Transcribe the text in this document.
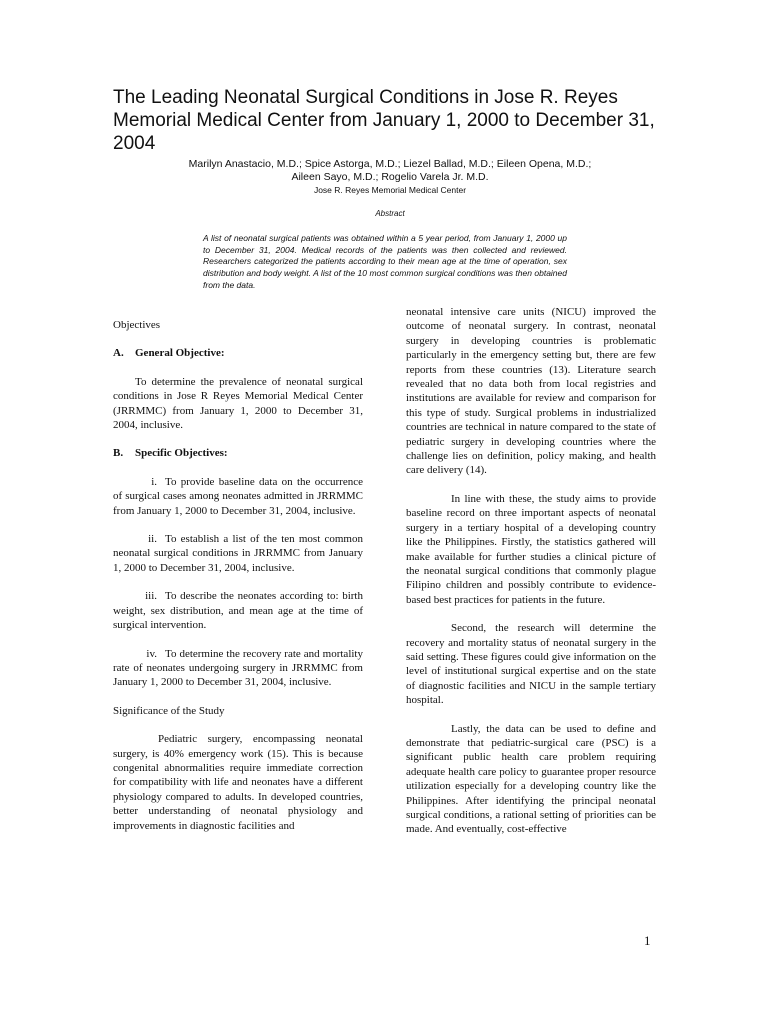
The Leading Neonatal Surgical Conditions in Jose R. Reyes Memorial Medical Center from January 1, 2000 to December 31, 2004
Marilyn Anastacio, M.D.; Spice Astorga, M.D.; Liezel Ballad, M.D.; Eileen Opena, M.D.;
Aileen Sayo, M.D.; Rogelio Varela Jr. M.D.
Jose R. Reyes Memorial Medical Center
Abstract

A list of neonatal surgical patients was obtained within a 5 year period, from January 1, 2000 up to December 31, 2004. Medical records of the patients was then collected and reviewed. Researchers categorized the patients according to their mean age at the time of operation, sex distribution and body weight. A list of the 10 most common surgical conditions was then obtained from the data.

Objectives

A. General Objective:

To determine the prevalence of neonatal surgical conditions in Jose R Reyes Memorial Medical Center (JRRMMC) from January 1, 2000 to December 31, 2004, inclusive.

B. Specific Objectives:

i. To provide baseline data on the occurrence of surgical cases among neonates admitted in JRRMMC from January 1, 2000 to December 31, 2004, inclusive.

ii. To establish a list of the ten most common neonatal surgical conditions in JRRMMC from January 1, 2000 to December 31, 2004, inclusive.

iii. To describe the neonates according to: birth weight, sex distribution, and mean age at the time of surgical intervention.

iv. To determine the recovery rate and mortality rate of neonates undergoing surgery in JRRMMC from January 1, 2000 to December 31, 2004, inclusive.

Significance of the Study

Pediatric surgery, encompassing neonatal surgery, is 40% emergency work (15). This is because congenital abnormalities require immediate correction for compatibility with life and neonates have a different physiology compared to adults. In developed countries, better understanding of neonatal physiology and improvements in diagnostic facilities and

neonatal intensive care units (NICU) improved the outcome of neonatal surgery. In contrast, neonatal surgery in developing countries is problematic particularly in the emergency setting but, there are few reports from these countries (13). Literature search revealed that no data both from local registries and institutions are available for review and comparison for this type of study. Surgical problems in industrialized countries are technical in nature compared to the state of pediatric surgery in developing countries where the challenge lies on definition, policy making, and health care delivery (14).

In line with these, the study aims to provide baseline record on three important aspects of neonatal surgery in a tertiary hospital of a developing country like the Philippines. Firstly, the statistics gathered will make available for further studies a clinical picture of the neonatal surgical conditions that commonly plague Filipino children and possibly contribute to evidence-based best practices for patients in the future.

Second, the research will determine the recovery and mortality status of neonatal surgery in the said setting. These figures could give information on the level of institutional surgical expertise and on the state of diagnostic facilities and NICU in the sample tertiary hospital.

Lastly, the data can be used to define and demonstrate that pediatric-surgical care (PSC) is a significant public health care problem requiring adequate health care policy to guarantee proper resource utilization especially for a developing country like the Philippines. After identifying the principal neonatal surgical conditions, a rational setting of priorities can be made. And eventually, cost-effective

1
